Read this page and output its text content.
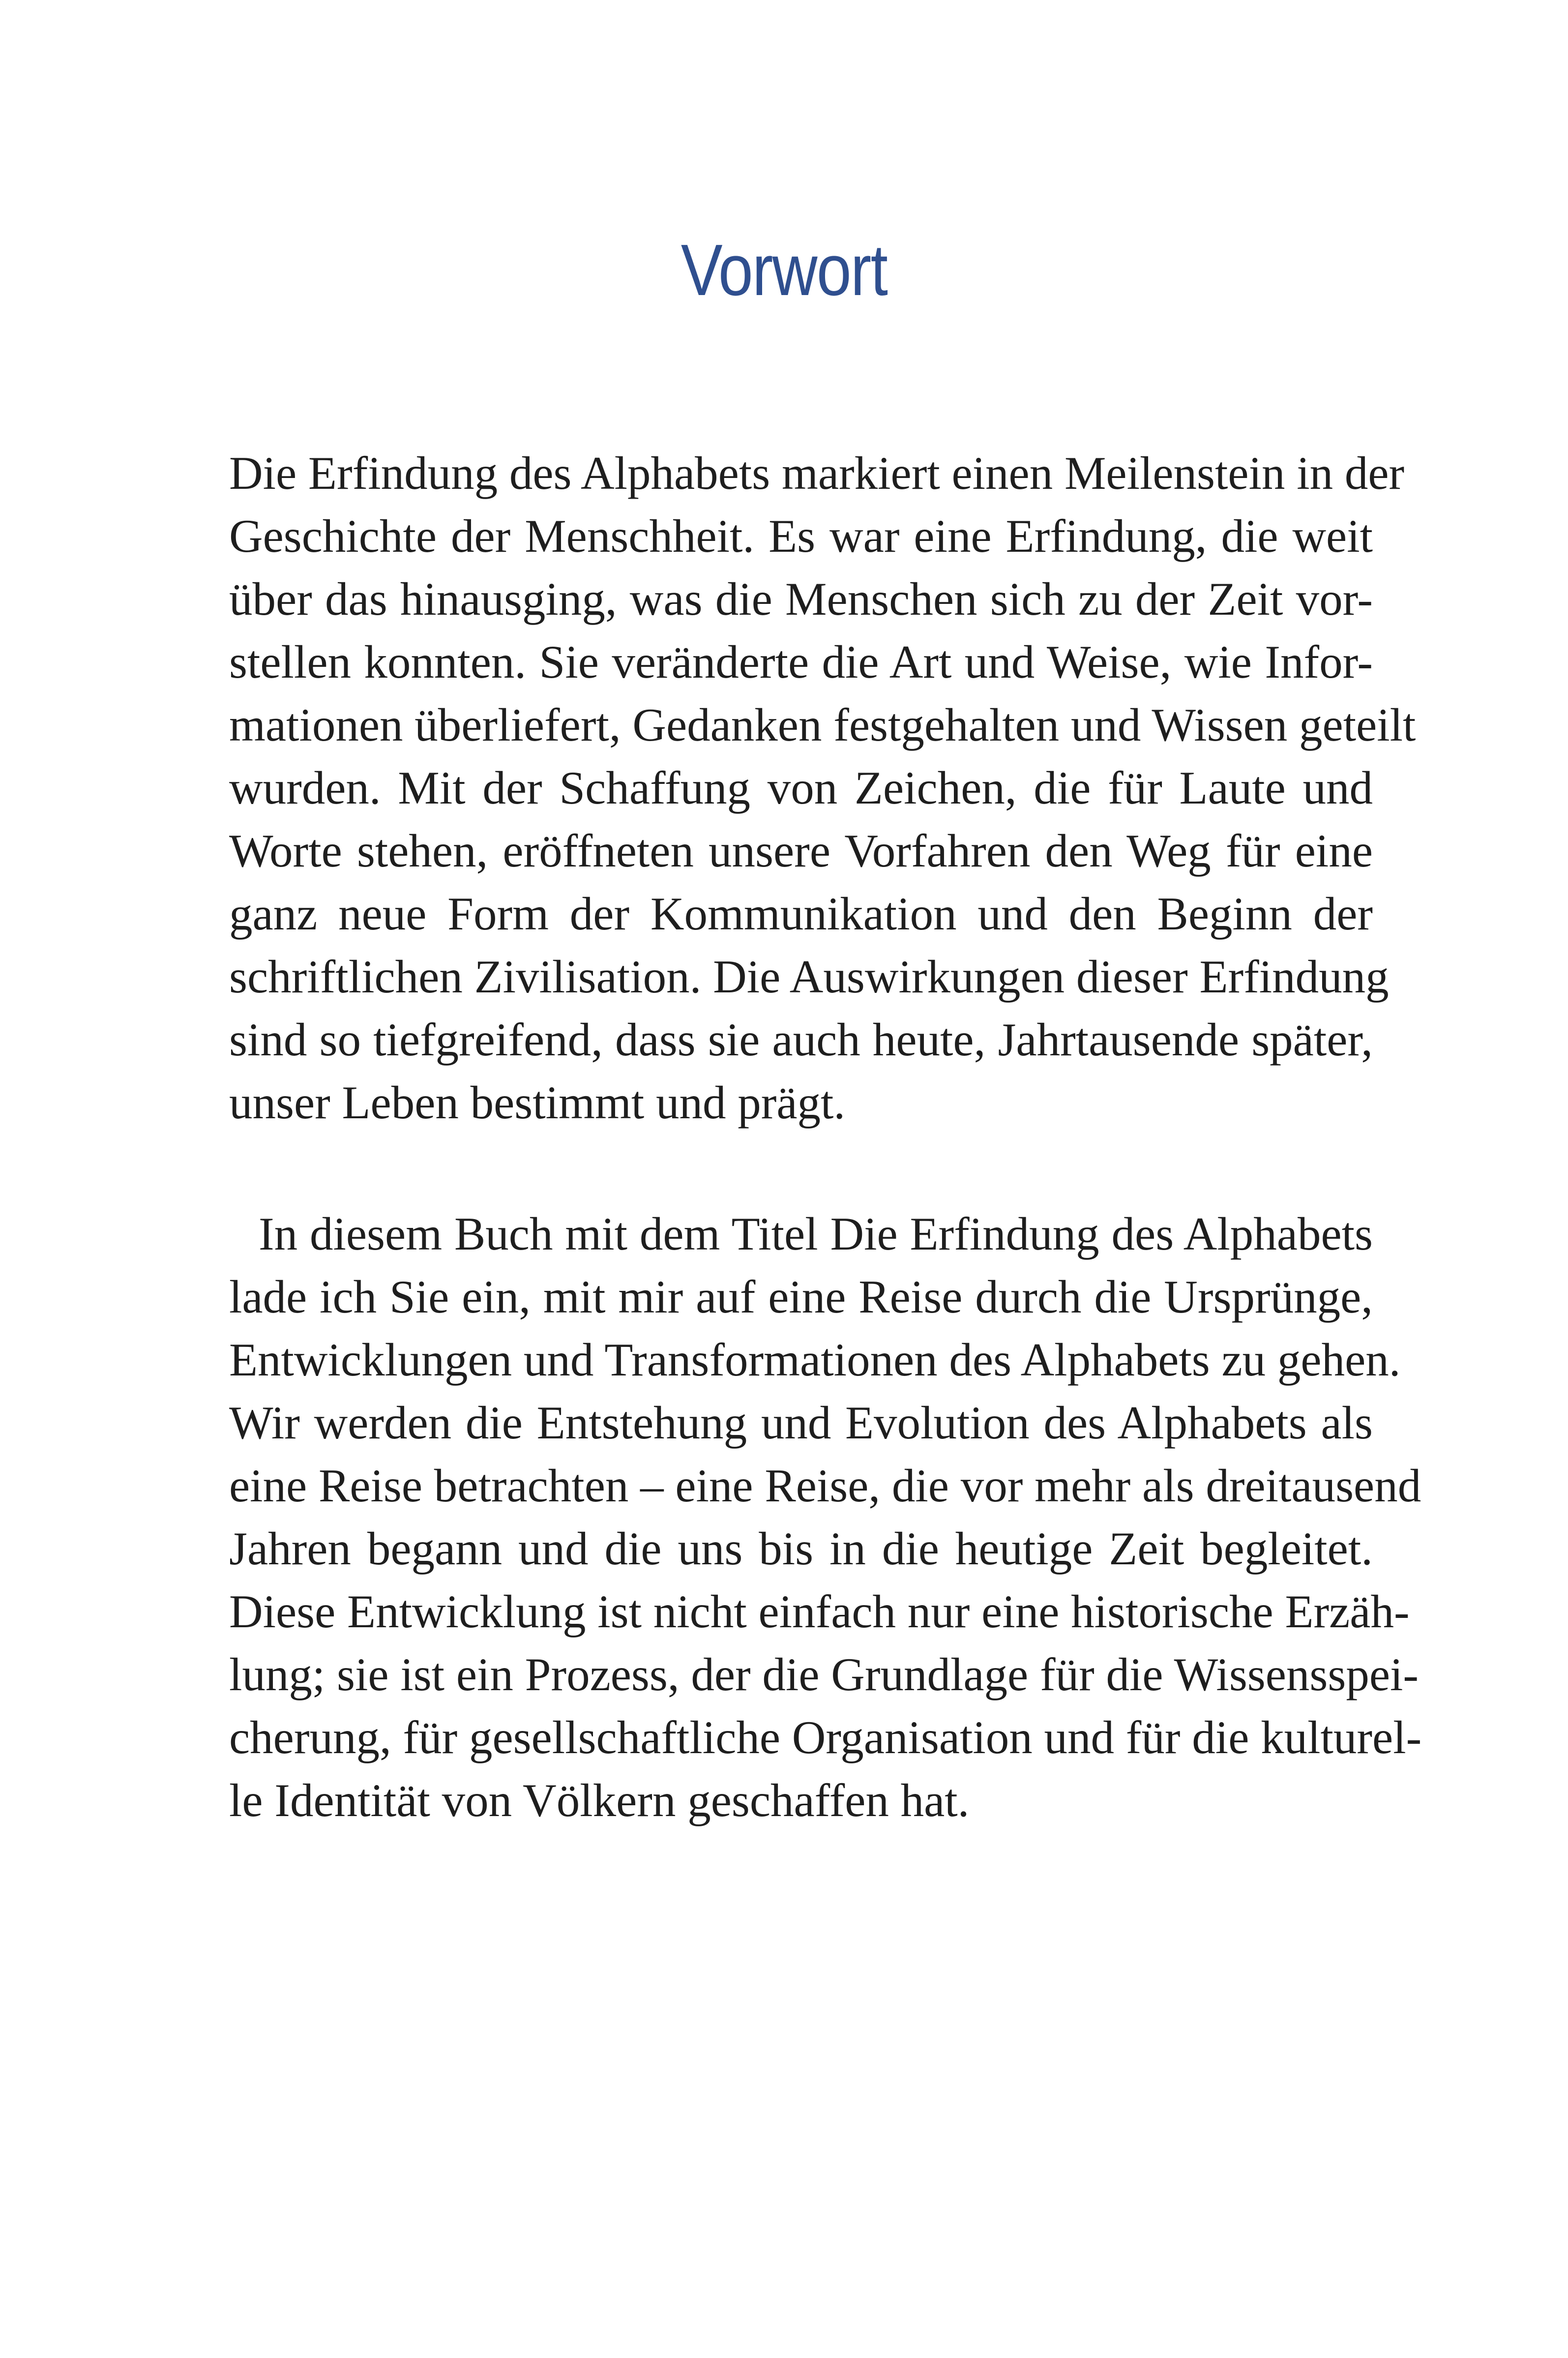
Vorwort
Die Erfindung des Alphabets markiert einen Meilenstein in der
Geschichte der Menschheit. Es war eine Erfindung, die weit
über das hinausging, was die Menschen sich zu der Zeit vor-
stellen konnten. Sie veränderte die Art und Weise, wie Infor-
mationen überliefert, Gedanken festgehalten und Wissen geteilt
wurden. Mit der Schaffung von Zeichen, die für Laute und
Worte stehen, eröffneten unsere Vorfahren den Weg für eine
ganz neue Form der Kommunikation und den Beginn der
schriftlichen Zivilisation. Die Auswirkungen dieser Erfindung
sind so tiefgreifend, dass sie auch heute, Jahrtausende später,
unser Leben bestimmt und prägt.
In diesem Buch mit dem Titel Die Erfindung des Alphabets
lade ich Sie ein, mit mir auf eine Reise durch die Ursprünge,
Entwicklungen und Transformationen des Alphabets zu gehen.
Wir werden die Entstehung und Evolution des Alphabets als
eine Reise betrachten – eine Reise, die vor mehr als dreitausend
Jahren begann und die uns bis in die heutige Zeit begleitet.
Diese Entwicklung ist nicht einfach nur eine historische Erzäh-
lung; sie ist ein Prozess, der die Grundlage für die Wissensspei-
cherung, für gesellschaftliche Organisation und für die kulturel-
le Identität von Völkern geschaffen hat.
